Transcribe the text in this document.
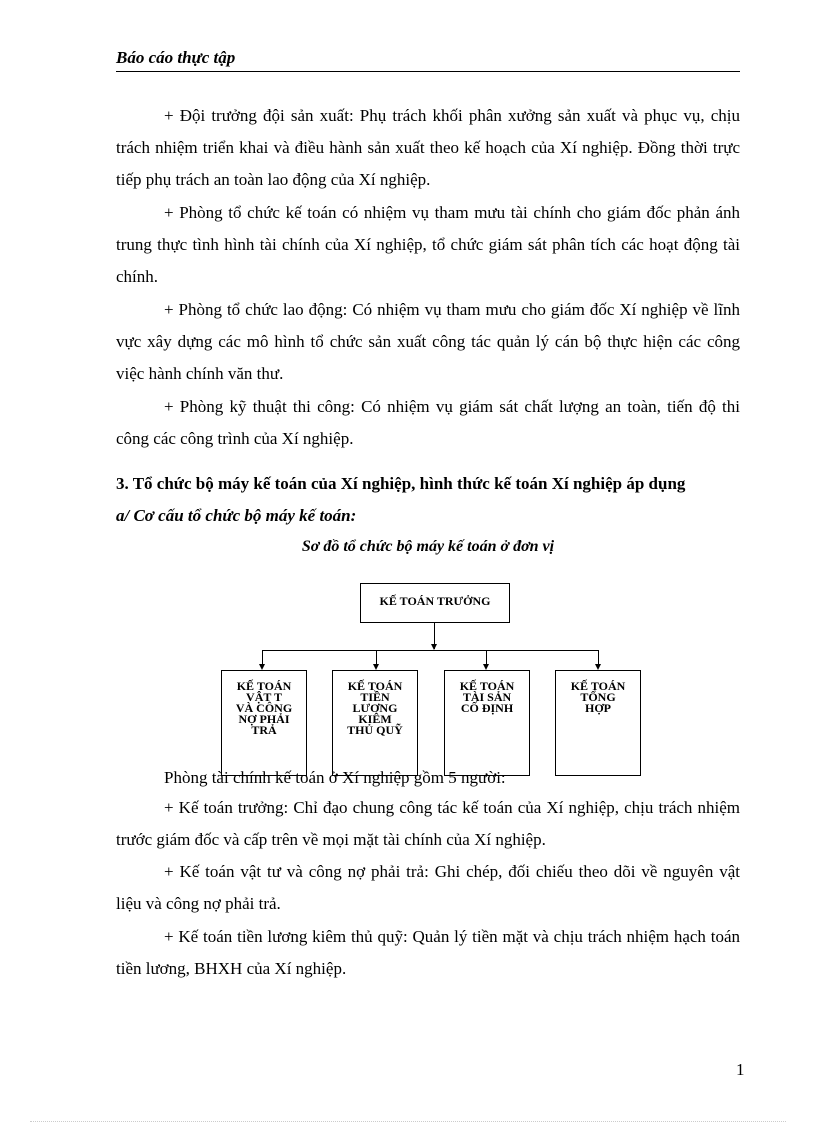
Báo cáo thực tập
+ Đội trưởng đội sản xuất: Phụ trách khối phân xưởng sản xuất và phục vụ, chịu trách nhiệm triển khai và điều hành sản xuất theo kế hoạch của Xí nghiệp. Đồng thời trực tiếp phụ trách an toàn lao động của Xí nghiệp.
+ Phòng tổ chức kế toán có nhiệm vụ tham mưu tài chính cho giám đốc phản ánh trung thực tình hình tài chính của Xí nghiệp, tổ chức giám sát phân tích các hoạt động tài chính.
+ Phòng tổ chức lao động: Có nhiệm vụ tham mưu cho giám đốc Xí nghiệp về lĩnh vực xây dựng các mô hình tổ chức sản xuất công tác quản lý cán bộ thực hiện các công việc hành chính văn thư.
+ Phòng kỹ thuật thi công: Có nhiệm vụ giám sát chất lượng an toàn, tiến độ thi công các công trình của Xí nghiệp.
3. Tổ chức bộ máy kế toán của Xí nghiệp, hình thức kế toán Xí nghiệp áp dụng
a/ Cơ cấu tổ chức bộ máy kế toán:
Sơ đồ tổ chức bộ máy kế toán ở đơn vị
KẾ TOÁN TRƯỞNG
KẾ TOÁN
VẬT T
VÀ CÔNG
NỢ PHẢI
TRẢ
KẾ TOÁN
TIỀN
LƯƠNG
KIÊM
THỦ QUỸ
KẾ TOÁN
TÀI SẢN
CỐ ĐỊNH
KẾ TOÁN
TỔNG
HỢP
Phòng tài chính kế toán ở Xí nghiệp gồm 5 người:
+ Kế toán trưởng: Chỉ đạo chung công tác kế toán của Xí nghiệp, chịu trách nhiệm trước giám đốc và cấp trên về mọi mặt tài chính của Xí nghiệp.
+ Kế toán vật tư và công nợ phải trả: Ghi chép, đối chiếu theo dõi về nguyên vật liệu và công nợ phải trả.
+ Kế toán tiền lương kiêm thủ quỹ: Quản lý tiền mặt và chịu trách nhiệm hạch toán tiền lương, BHXH của Xí nghiệp.
1
